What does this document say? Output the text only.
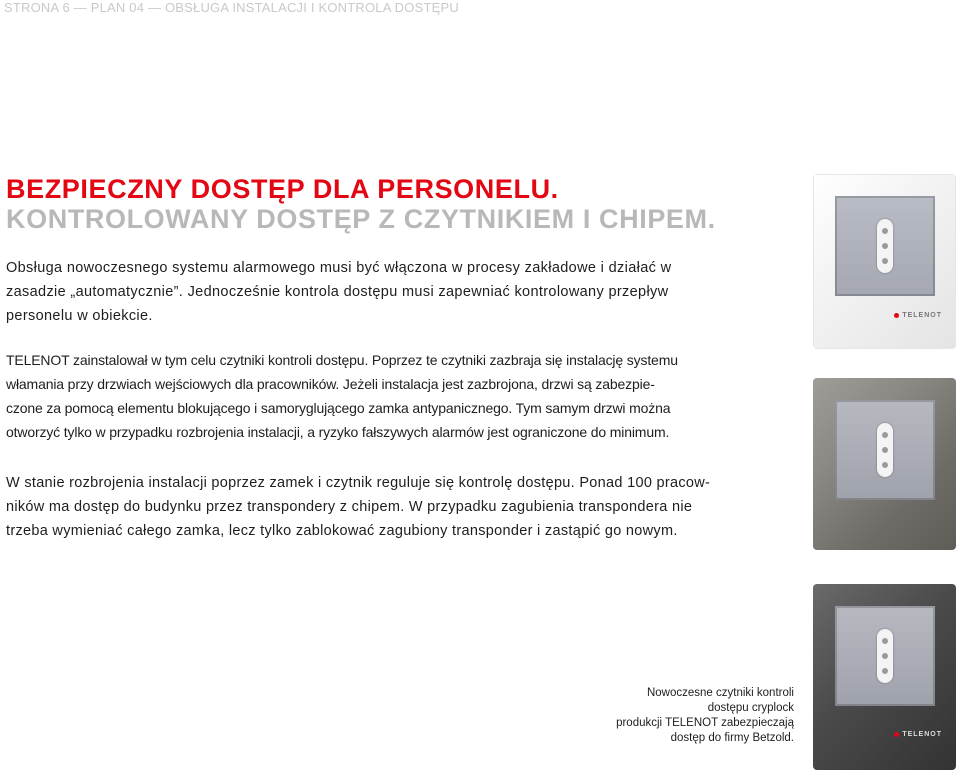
STRONA 6 — PLAN 04 — OBSŁUGA INSTALACJI I KONTROLA DOSTĘPU
BEZPIECZNY DOSTĘP DLA PERSONELU.
KONTROLOWANY DOSTĘP Z CZYTNIKIEM I CHIPEM.

Obsługa nowoczesnego systemu alarmowego musi być włączona w procesy zakładowe i działać w
zasadzie „automatycznie”. Jednocześnie kontrola dostępu musi zapewniać kontrolowany przepływ
personelu w obiekcie.

TELENOT zainstalował w tym celu czytniki kontroli dostępu. Poprzez te czytniki zazbraja się instalację systemu
włamania przy drzwiach wejściowych dla pracowników. Jeżeli instalacja jest zazbrojona, drzwi są zabezpie-
czone za pomocą elementu blokującego i samoryglującego zamka antypanicznego. Tym samym drzwi można
otworzyć tylko w przypadku rozbrojenia instalacji, a ryzyko fałszywych alarmów jest ograniczone do minimum.

W stanie rozbrojenia instalacji poprzez zamek i czytnik reguluje się kontrolę dostępu. Ponad 100 pracow-
ników ma dostęp do budynku przez transpondery z chipem. W przypadku zagubienia transpondera nie
trzeba wymieniać całego zamka, lecz tylko zablokować zagubiony transponder i zastąpić go nowym.

TELENOT
TELENOT
Nowoczesne czytniki kontroli
dostępu cryplock
produkcji TELENOT zabezpieczają
dostęp do firmy Betzold.
